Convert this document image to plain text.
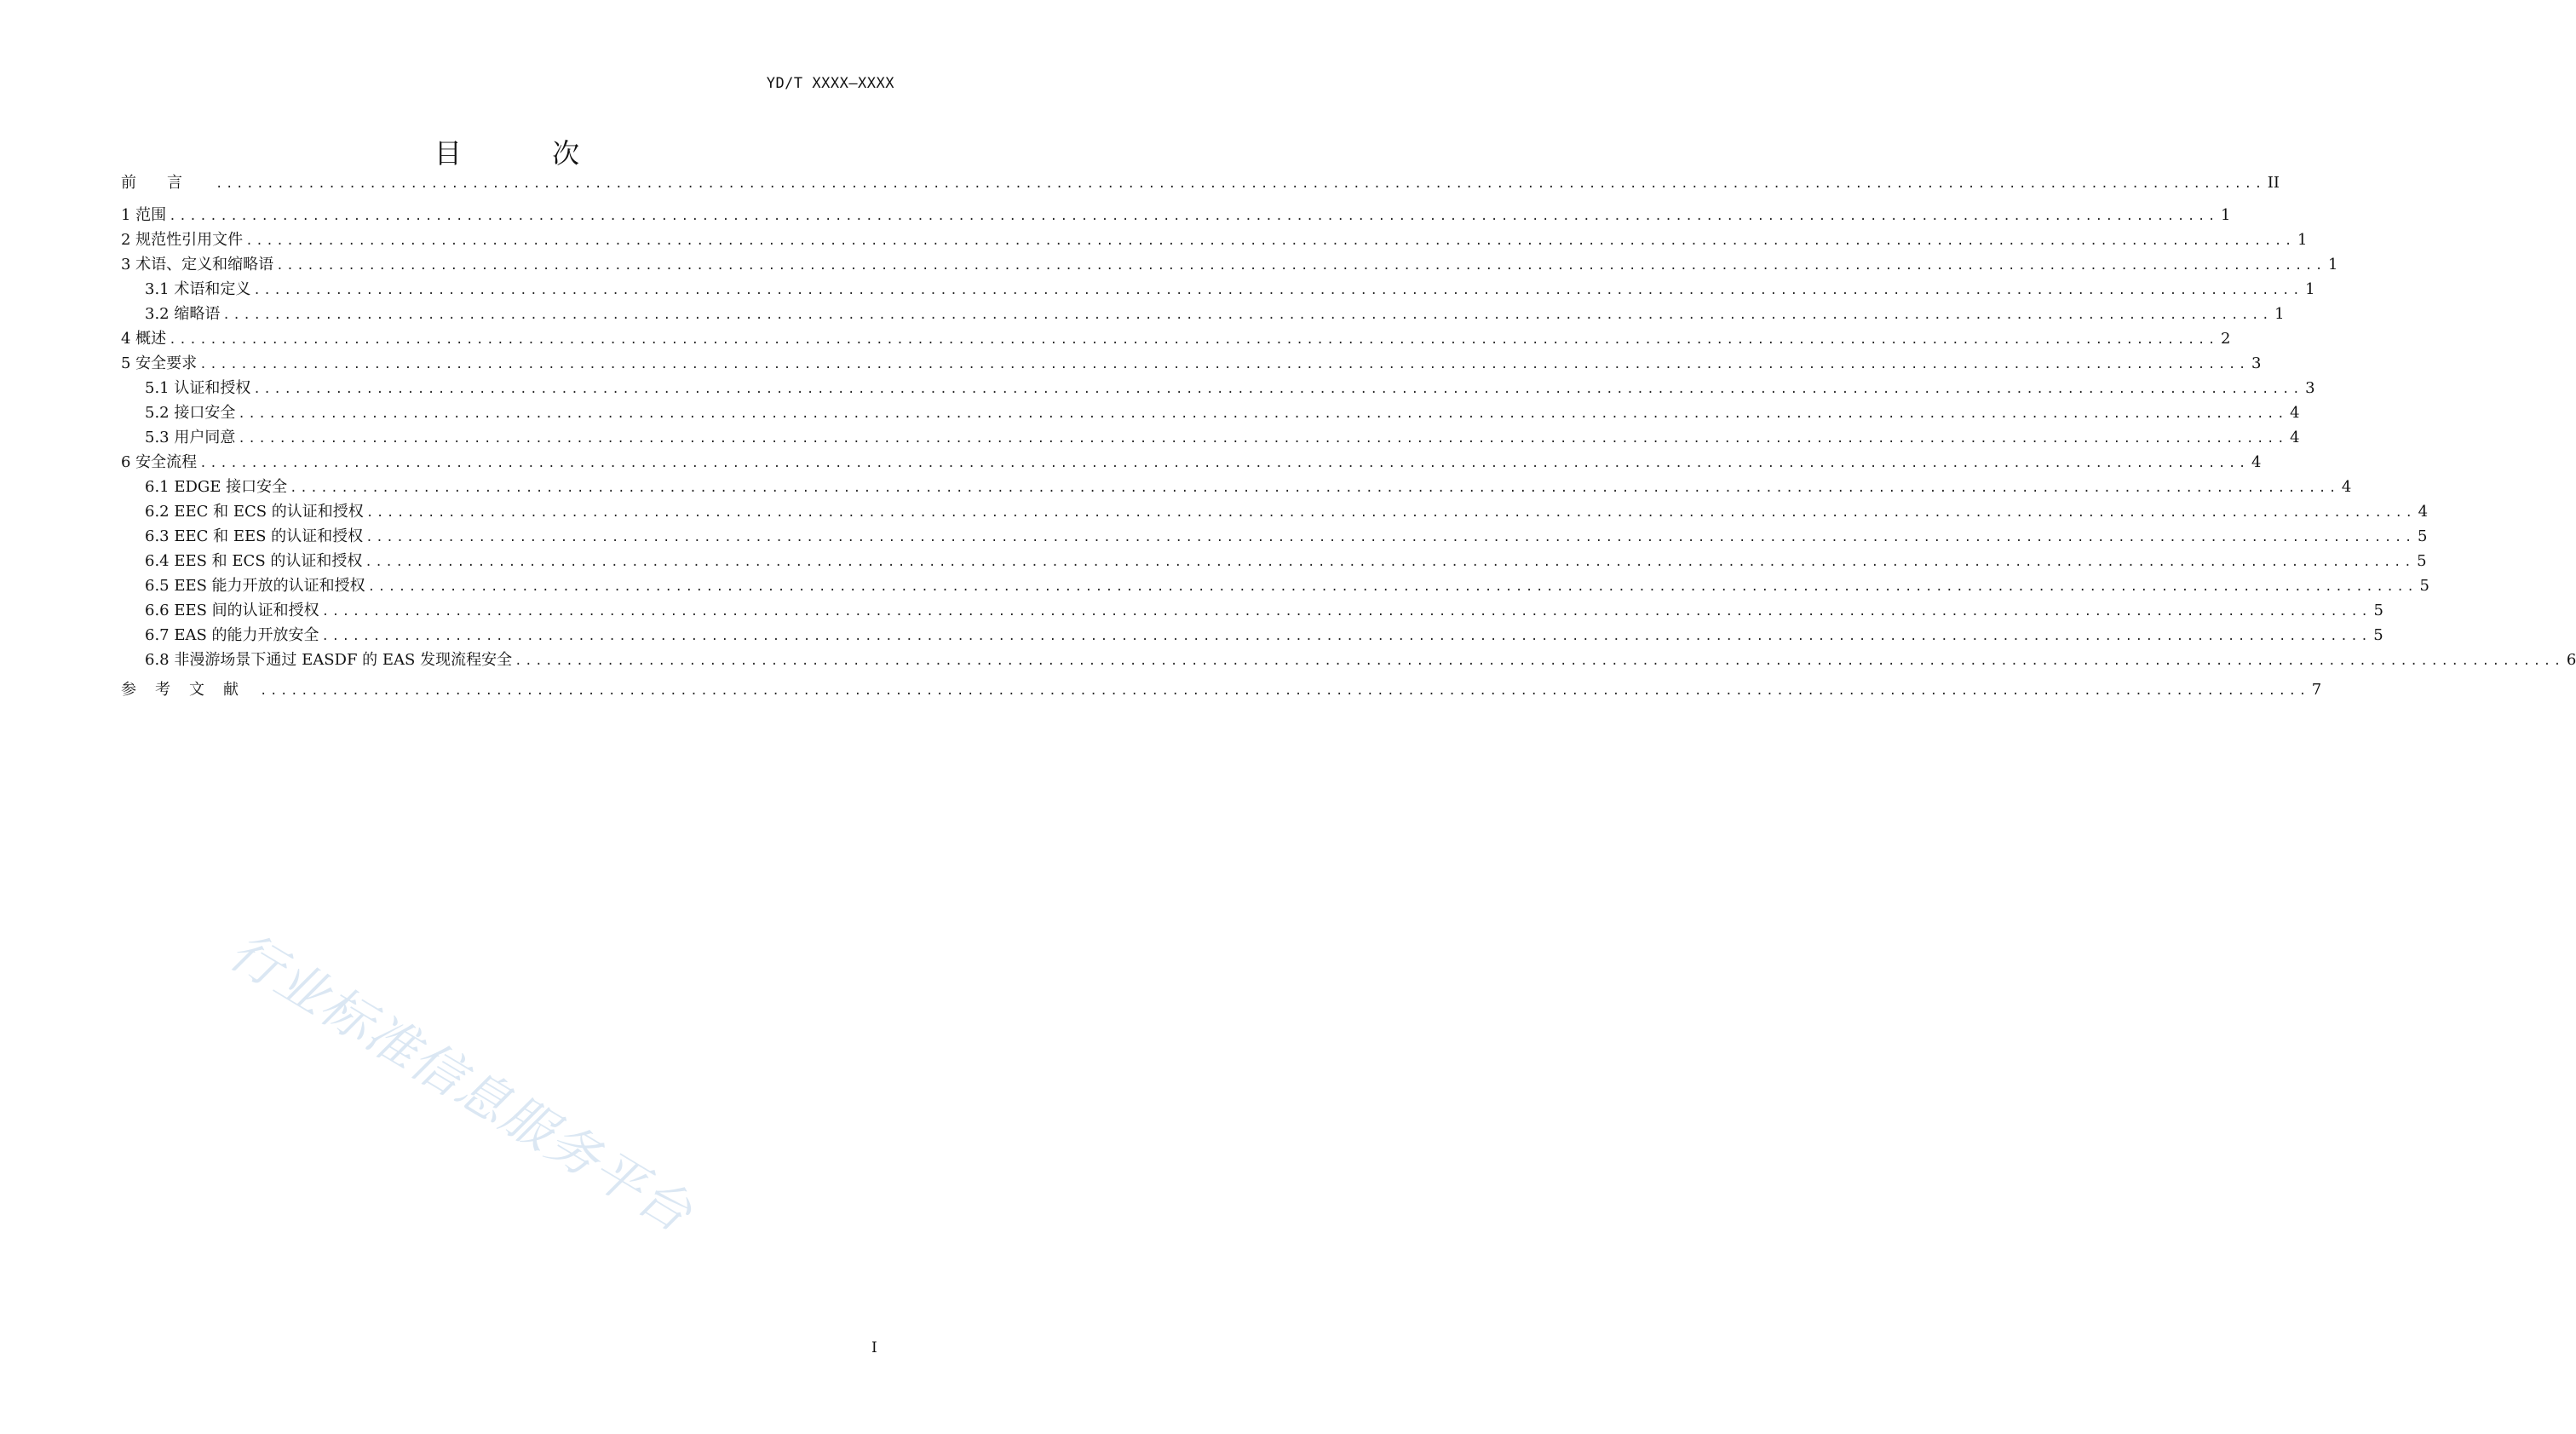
YD/T XXXX—XXXX
目 次
前言 ........................................................................................................................................................................................................ II
1 范围 ........................................................................................................................................................................................................ 1
2 规范性引用文件 ........................................................................................................................................................................................................ 1
3 术语、定义和缩略语 ........................................................................................................................................................................................................ 1
3.1 术语和定义 ........................................................................................................................................................................................................ 1
3.2 缩略语 ........................................................................................................................................................................................................ 1
4 概述 ........................................................................................................................................................................................................ 2
5 安全要求 ........................................................................................................................................................................................................ 3
5.1 认证和授权 ........................................................................................................................................................................................................ 3
5.2 接口安全 ........................................................................................................................................................................................................ 4
5.3 用户同意 ........................................................................................................................................................................................................ 4
6 安全流程 ........................................................................................................................................................................................................ 4
6.1 EDGE 接口安全 ........................................................................................................................................................................................................ 4
6.2 EEC 和 ECS 的认证和授权 ........................................................................................................................................................................................................ 4
6.3 EEC 和 EES 的认证和授权 ........................................................................................................................................................................................................ 5
6.4 EES 和 ECS 的认证和授权 ........................................................................................................................................................................................................ 5
6.5 EES 能力开放的认证和授权 ........................................................................................................................................................................................................ 5
6.6 EES 间的认证和授权 ........................................................................................................................................................................................................ 5
6.7 EAS 的能力开放安全 ........................................................................................................................................................................................................ 5
6.8 非漫游场景下通过 EASDF 的 EAS 发现流程安全 ........................................................................................................................................................................................................ 6
参考文献 ........................................................................................................................................................................................................ 7
行业标准信息服务平台
I
